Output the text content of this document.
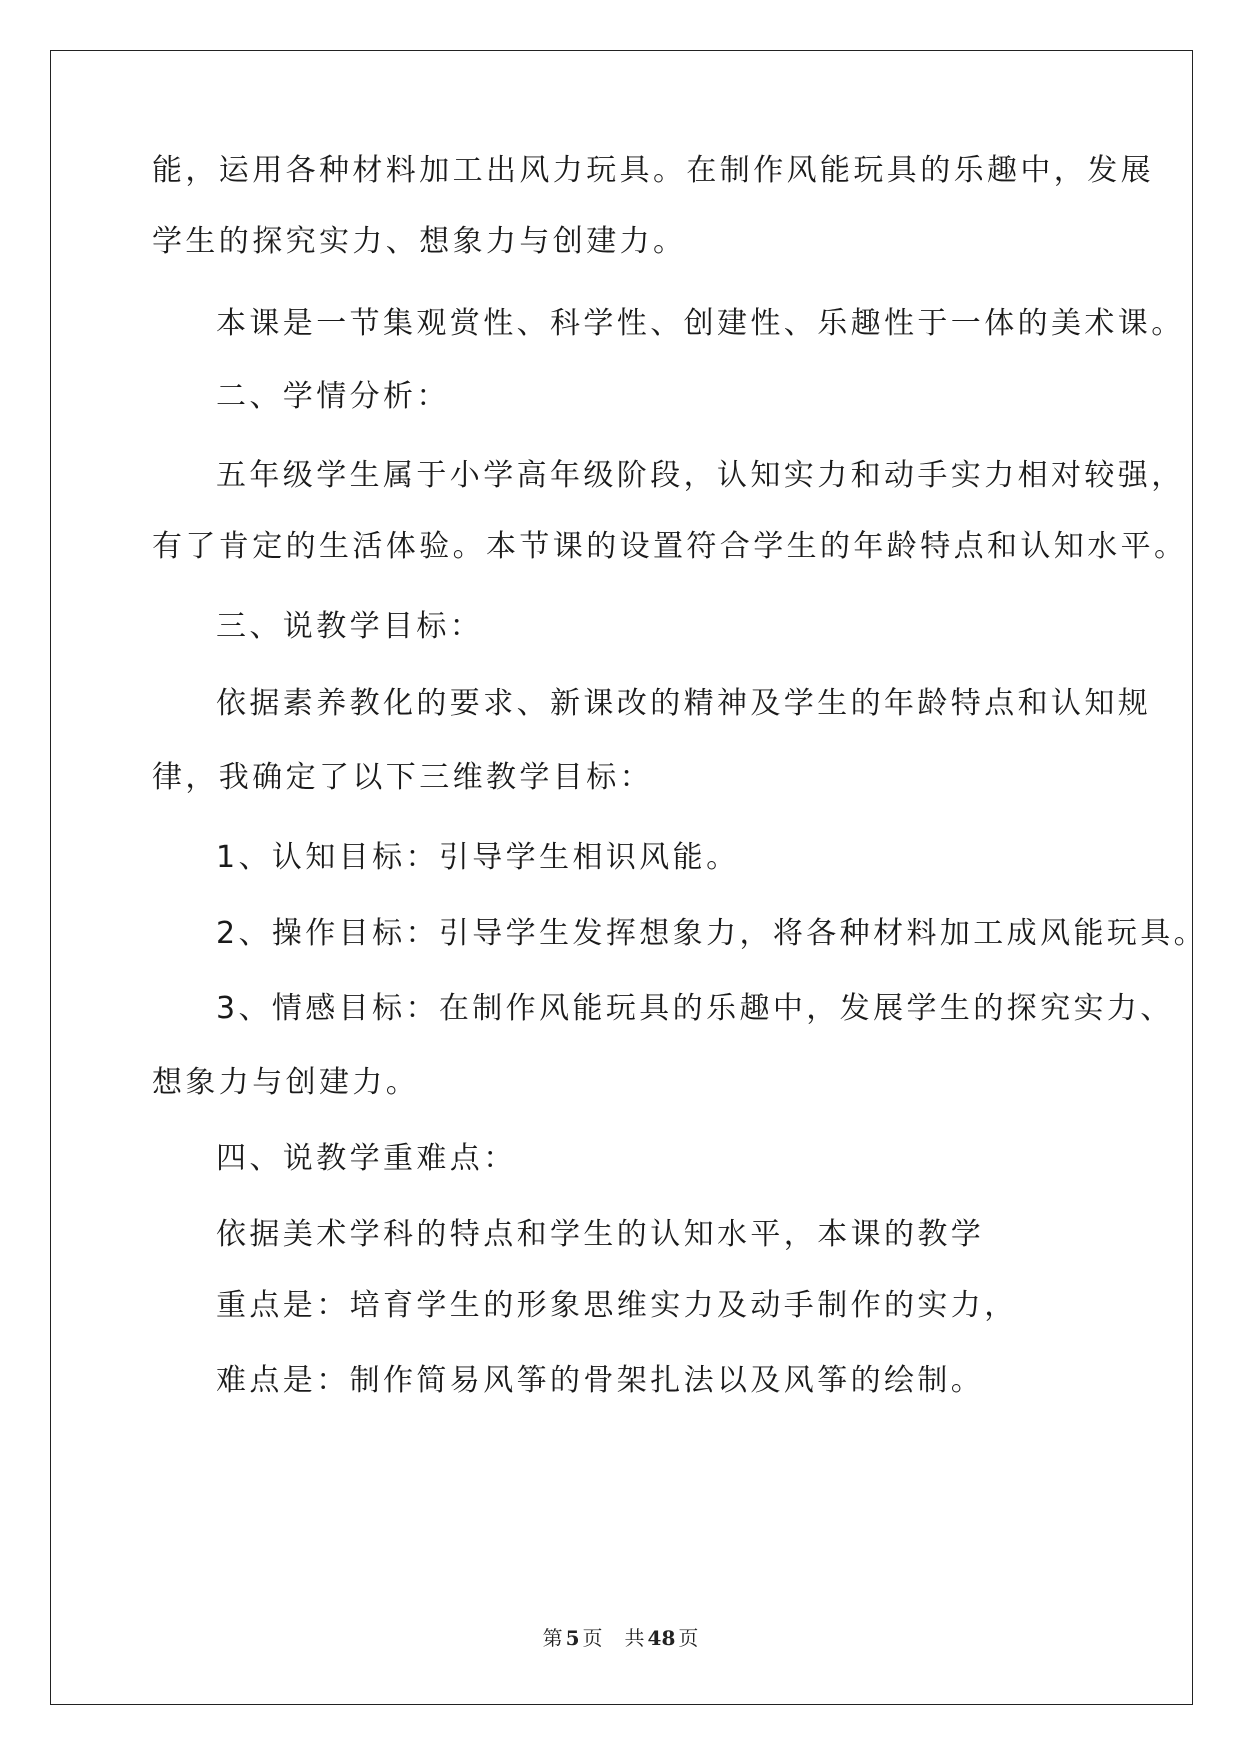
能，运用各种材料加工出风力玩具。在制作风能玩具的乐趣中，发展
学生的探究实力、想象力与创建力。
本课是一节集观赏性、科学性、创建性、乐趣性于一体的美术课。
二、学情分析：
五年级学生属于小学高年级阶段，认知实力和动手实力相对较强，
有了肯定的生活体验。本节课的设置符合学生的年龄特点和认知水平。
三、说教学目标：
依据素养教化的要求、新课改的精神及学生的年龄特点和认知规
律，我确定了以下三维教学目标：
1、认知目标：引导学生相识风能。
2、操作目标：引导学生发挥想象力，将各种材料加工成风能玩具。
3、情感目标：在制作风能玩具的乐趣中，发展学生的探究实力、
想象力与创建力。
四、说教学重难点：
依据美术学科的特点和学生的认知水平，本课的教学
重点是：培育学生的形象思维实力及动手制作的实力，
难点是：制作简易风筝的骨架扎法以及风筝的绘制。
第 5 页 共 48 页
